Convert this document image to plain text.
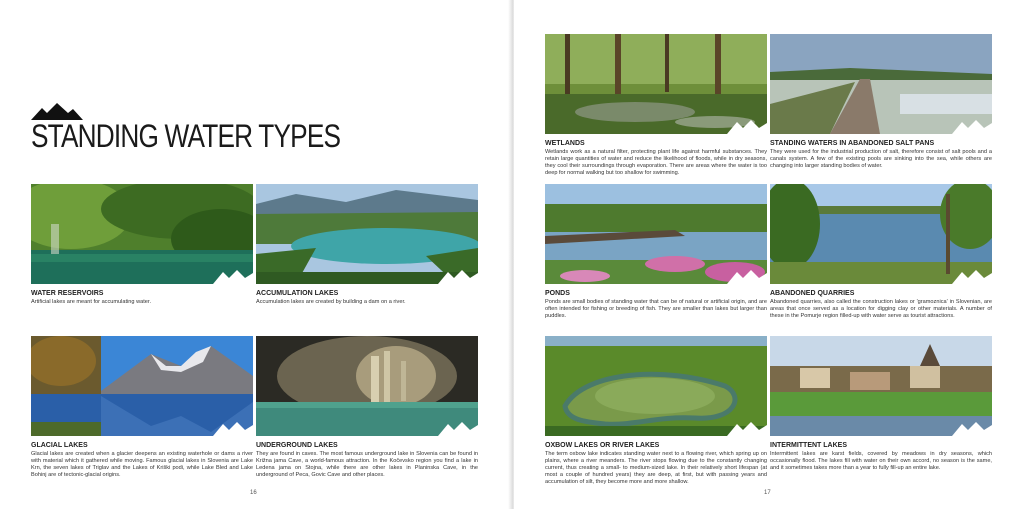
STANDING WATER TYPES
WATER RESERVOIRS
Artificial lakes are meant for accumulating water.
ACCUMULATION LAKES
Accumulation lakes are created by building a dam on a river.
GLACIAL LAKES
Glacial lakes are created when a glacier deepens an existing waterhole or dams a river with material which it gathered while moving. Famous glacial lakes in Slovenia are Lake Krn, the seven lakes of Triglav and the Lakes of Kriški podi, while Lake Bled and Lake Bohinj are of tectonic-glacial origins.
UNDERGROUND LAKES
They are found in caves. The most famous underground lake in Slovenia can be found in Križna jama Cave, a world-famous attraction. In the Kočevsko region you find a lake in Ledena jama on Stojna, while there are other lakes in Planinska Cave, in the underground of Peca, Govic Cave and other places.
16
WETLANDS
Wetlands work as a natural filter, protecting plant life against harmful substances. They retain large quantities of water and reduce the likelihood of floods, while in dry seasons, they cool their surroundings through evaporation. There are areas where the water is too deep for normal walking but too shallow for swimming.
STANDING WATERS IN ABANDONED SALT PANS
They were used for the industrial production of salt, therefore consist of salt pools and a canals system. A few of the existing pools are sinking into the sea, while others are changing into larger standing bodies of water.
PONDS
Ponds are small bodies of standing water that can be of natural or artificial origin, and are often intended for fishing or breeding of fish. They are smaller than lakes but larger than puddles.
ABANDONED QUARRIES
Abandoned quarries, also called the construction lakes or 'gramoznica' in Slovenian, are areas that once served as a location for digging clay or other materials. A number of these in the Pomurje region filled-up with water serve as tourist attractions.
OXBOW LAKES OR RIVER LAKES
The term oxbow lake indicates standing water next to a flowing river, which spring up on plains, where a river meanders. The river stops flowing due to the constantly changing current, thus creating a small- to medium-sized lake. In their relatively short lifespan (at most a couple of hundred years) they are deep, at first, but with passing years and accumulation of silt, they become more and more shallow.
INTERMITTENT LAKES
Intermittent lakes are karst fields, covered by meadows in dry seasons, which occasionally flood. The lakes fill with water on their own accord, no season is the same, and it sometimes takes more than a year to fully fill-up an entire lake.
17
